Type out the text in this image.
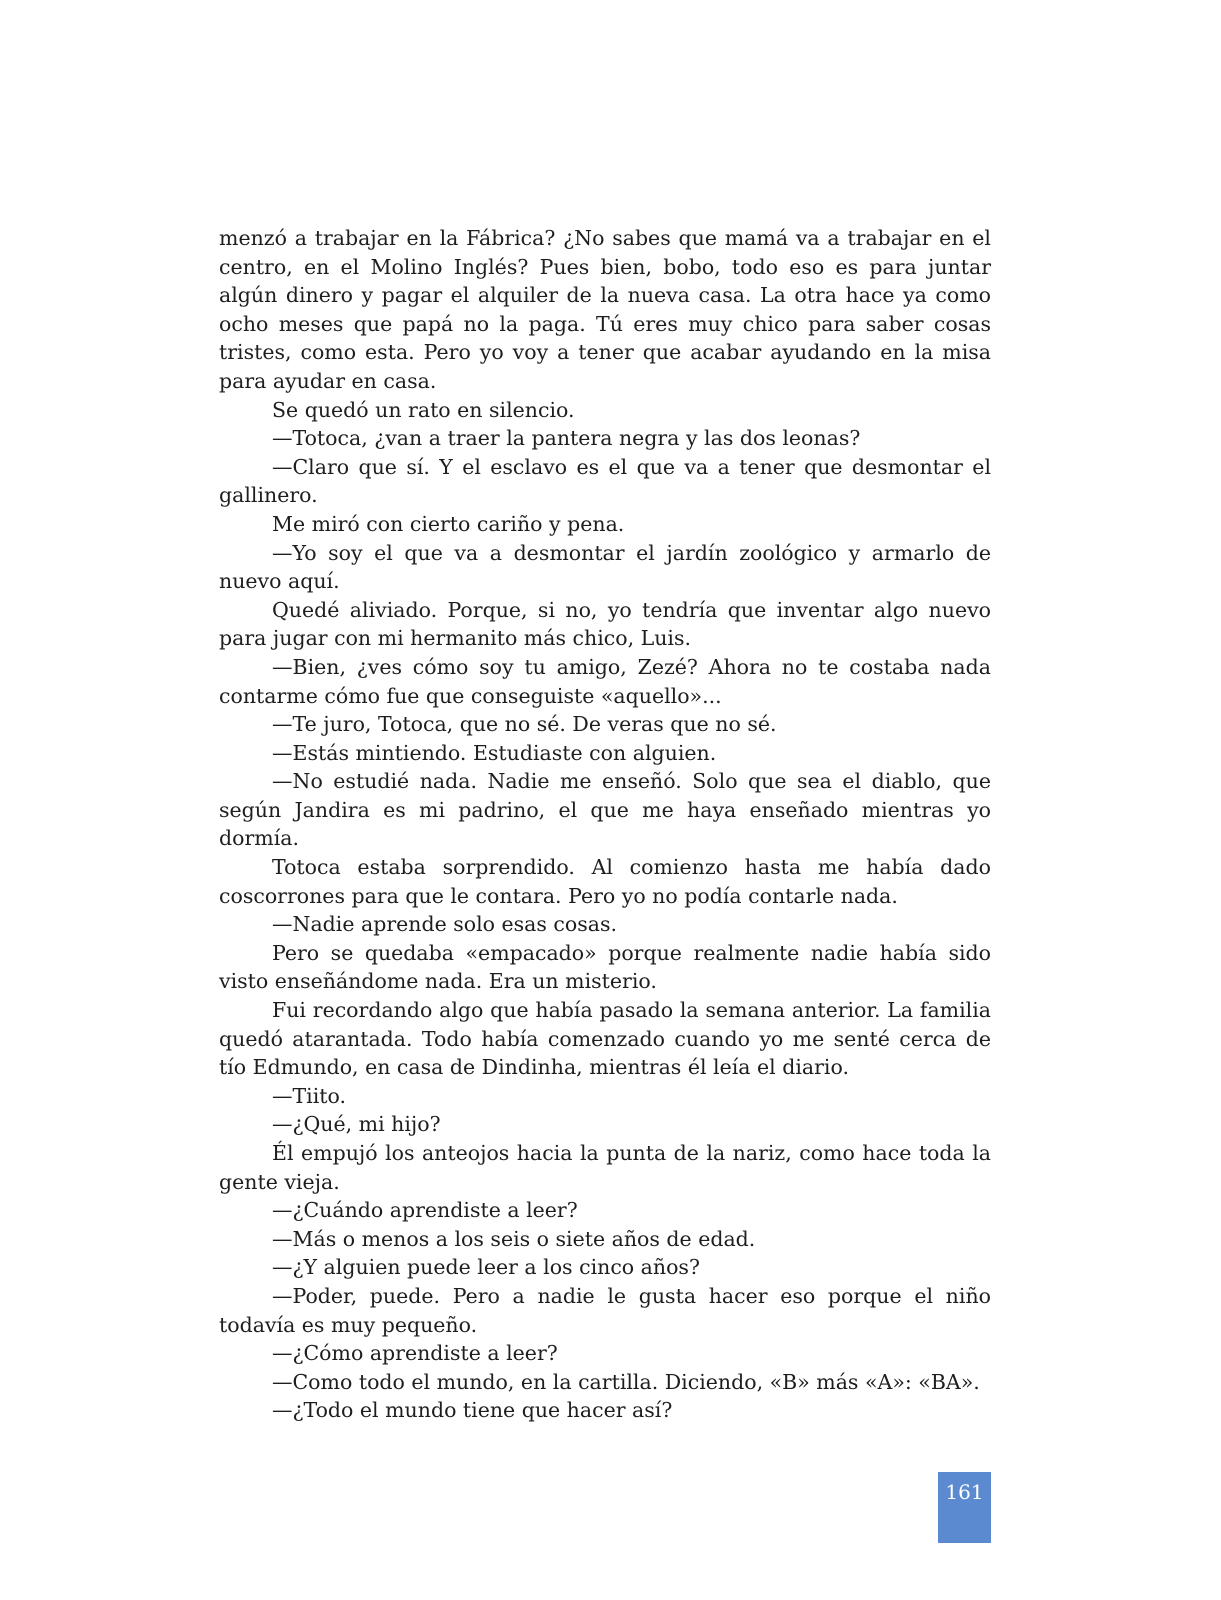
menzó a trabajar en la Fábrica? ¿No sabes que mamá va a trabajar en el centro, en el Molino Inglés? Pues bien, bobo, todo eso es para juntar algún dinero y pagar el alquiler de la nueva casa. La otra hace ya como ocho meses que papá no la paga. Tú eres muy chico para saber cosas tristes, como esta. Pero yo voy a tener que acabar ayudando en la misa para ayudar en casa.

Se quedó un rato en silencio.

—Totoca, ¿van a traer la pantera negra y las dos leonas?

—Claro que sí. Y el esclavo es el que va a tener que desmontar el gallinero.

Me miró con cierto cariño y pena.

—Yo soy el que va a desmontar el jardín zoológico y armarlo de nuevo aquí.

Quedé aliviado. Porque, si no, yo tendría que inventar algo nuevo para jugar con mi hermanito más chico, Luis.

—Bien, ¿ves cómo soy tu amigo, Zezé? Ahora no te costaba nada contarme cómo fue que conseguiste «aquello»...

—Te juro, Totoca, que no sé. De veras que no sé.

—Estás mintiendo. Estudiaste con alguien.

—No estudié nada. Nadie me enseñó. Solo que sea el diablo, que según Jandira es mi padrino, el que me haya enseñado mientras yo dormía.

Totoca estaba sorprendido. Al comienzo hasta me había dado coscorrones para que le contara. Pero yo no podía contarle nada.

—Nadie aprende solo esas cosas.

Pero se quedaba «empacado» porque realmente nadie había sido visto enseñándome nada. Era un misterio.

Fui recordando algo que había pasado la semana anterior. La familia quedó atarantada. Todo había comenzado cuando yo me senté cerca de tío Edmundo, en casa de Dindinha, mientras él leía el diario.

—Tiito.

—¿Qué, mi hijo?

Él empujó los anteojos hacia la punta de la nariz, como hace toda la gente vieja.

—¿Cuándo aprendiste a leer?

—Más o menos a los seis o siete años de edad.

—¿Y alguien puede leer a los cinco años?

—Poder, puede. Pero a nadie le gusta hacer eso porque el niño todavía es muy pequeño.

—¿Cómo aprendiste a leer?

—Como todo el mundo, en la cartilla. Diciendo, «B» más «A»: «BA».

—¿Todo el mundo tiene que hacer así?

161
